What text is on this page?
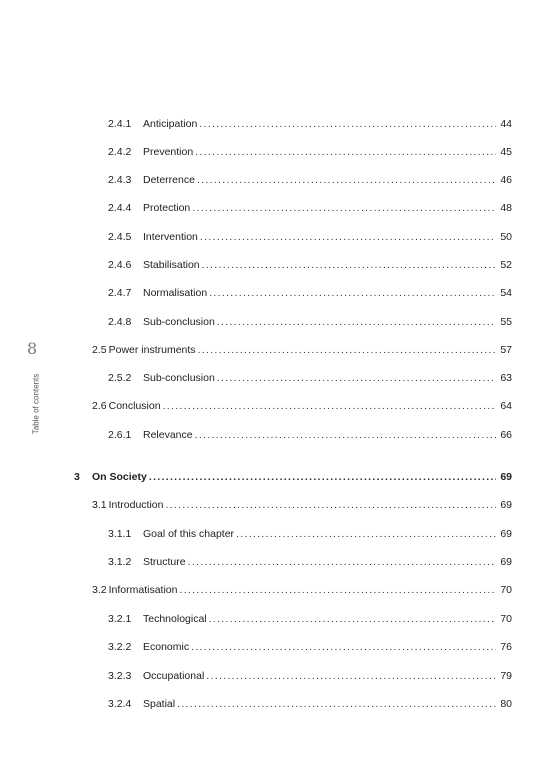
8
Table of contents
2.4.1	Anticipation .....	44
2.4.2	Prevention .....	45
2.4.3	Deterrence .....	46
2.4.4	Protection .....	48
2.4.5	Intervention .....	50
2.4.6	Stabilisation .....	52
2.4.7	Normalisation .....	54
2.4.8	Sub-conclusion .....	55
2.5 Power instruments .....	57
2.5.2	Sub-conclusion .....	63
2.6 Conclusion .....	64
2.6.1	Relevance .....	66
3	On Society .....	69
3.1 Introduction .....	69
3.1.1	Goal of this chapter .....	69
3.1.2	Structure .....	69
3.2 Informatisation .....	70
3.2.1	Technological .....	70
3.2.2	Economic .....	76
3.2.3	Occupational .....	79
3.2.4	Spatial .....	80
